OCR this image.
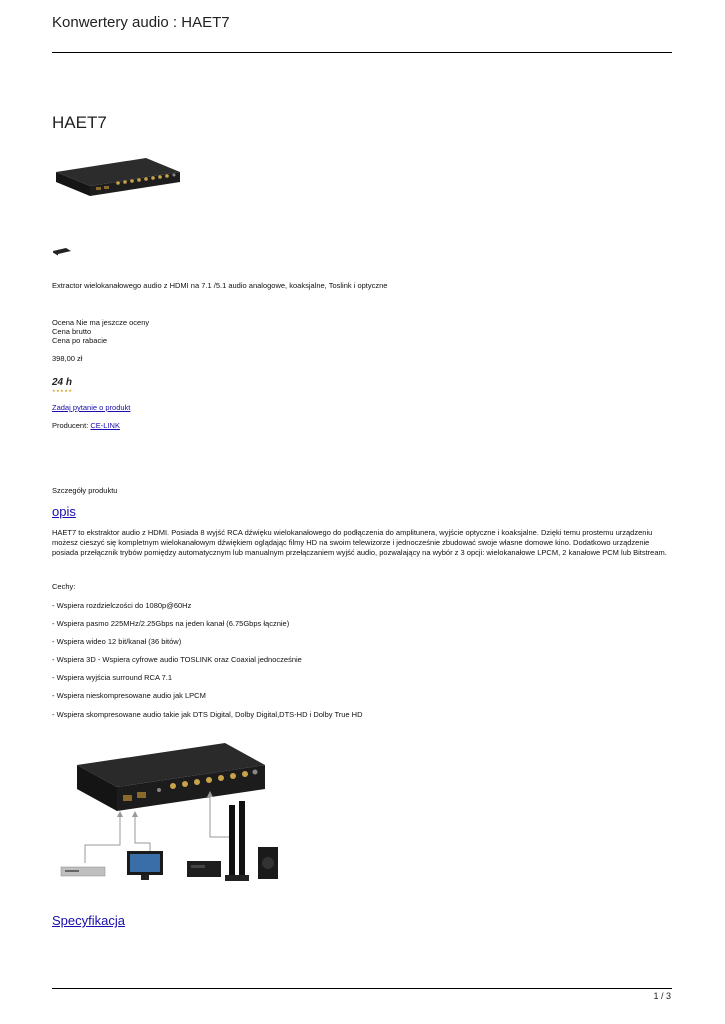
Konwertery audio : HAET7
HAET7
Extractor wielokanałowego audio z HDMI na 7.1 /5.1 audio analogowe, koaksjalne, Toslink i optyczne
Ocena Nie ma jeszcze oceny
Cena brutto
Cena po rabacie
398,00 zł
24 h
★★★★★
Zadaj pytanie o produkt
Producent: CE-LINK
Szczegóły produktu
opis
HAET7 to ekstraktor audio z HDMI. Posiada 8 wyjść RCA dźwięku wielokanałowego do podłączenia do amplitunera, wyjście optyczne i koaksjalne. Dzięki temu prostemu urządzeniu możesz cieszyć się kompletnym wielokanałowym dźwiękiem oglądając filmy HD na swoim telewizorze i jednocześnie zbudować swoje własne domowe kino. Dodatkowo urządzenie posiada przełącznik trybów pomiędzy automatycznym lub manualnym przełączaniem wyjść audio, pozwalający na wybór z 3 opcji: wielokanałowe LPCM, 2 kanałowe PCM lub Bitstream.
Cechy:
- Wspiera rozdzielczości do 1080p@60Hz
- Wspiera pasmo 225MHz/2.25Gbps na jeden kanał (6.75Gbps łącznie)
- Wspiera wideo 12 bit/kanał (36 bitów)
- Wspiera 3D - Wspiera cyfrowe audio TOSLINK oraz Coaxial jednocześnie
- Wspiera wyjścia surround RCA 7.1
- Wspiera nieskompresowane audio jak LPCM
- Wspiera skompresowane audio takie jak DTS Digital, Dolby Digital,DTS-HD i Dolby True HD
Specyfikacja
1 / 3
